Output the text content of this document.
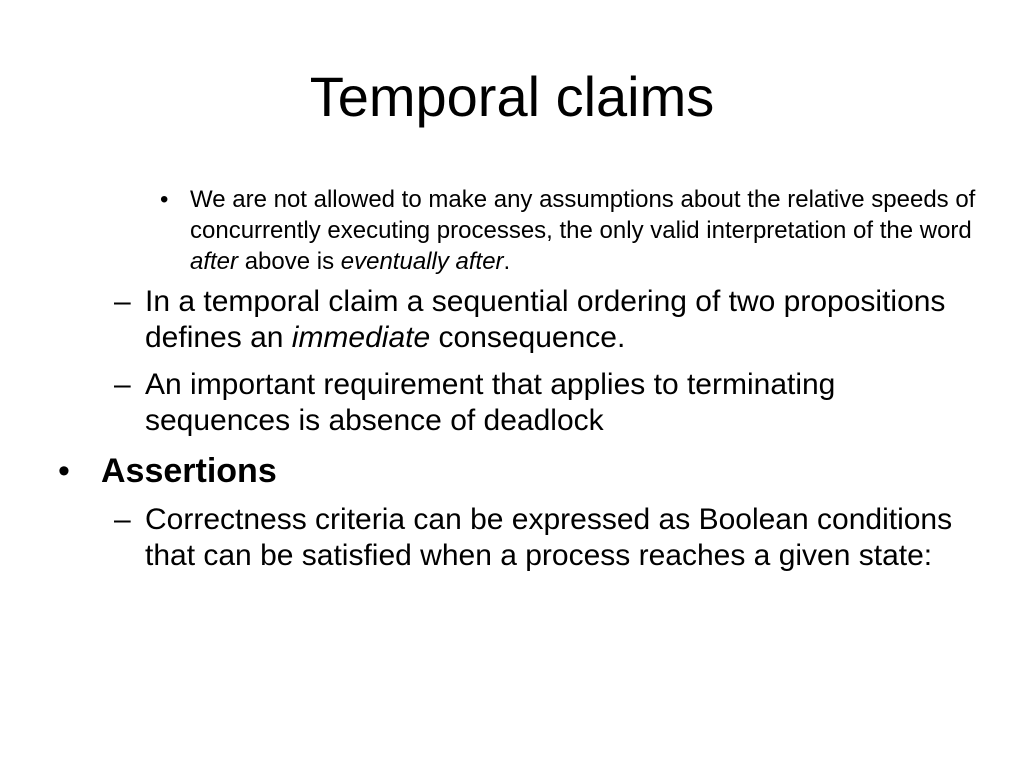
Temporal claims
• We are not allowed to make any assumptions about the relative speeds of concurrently executing processes, the only valid interpretation of the word after above is eventually after.
– In a temporal claim a sequential ordering of two propositions defines an immediate consequence.
– An important requirement that applies to terminating sequences is absence of deadlock
• Assertions
– Correctness criteria can be expressed as Boolean conditions that can be satisfied when a process reaches a given state:
